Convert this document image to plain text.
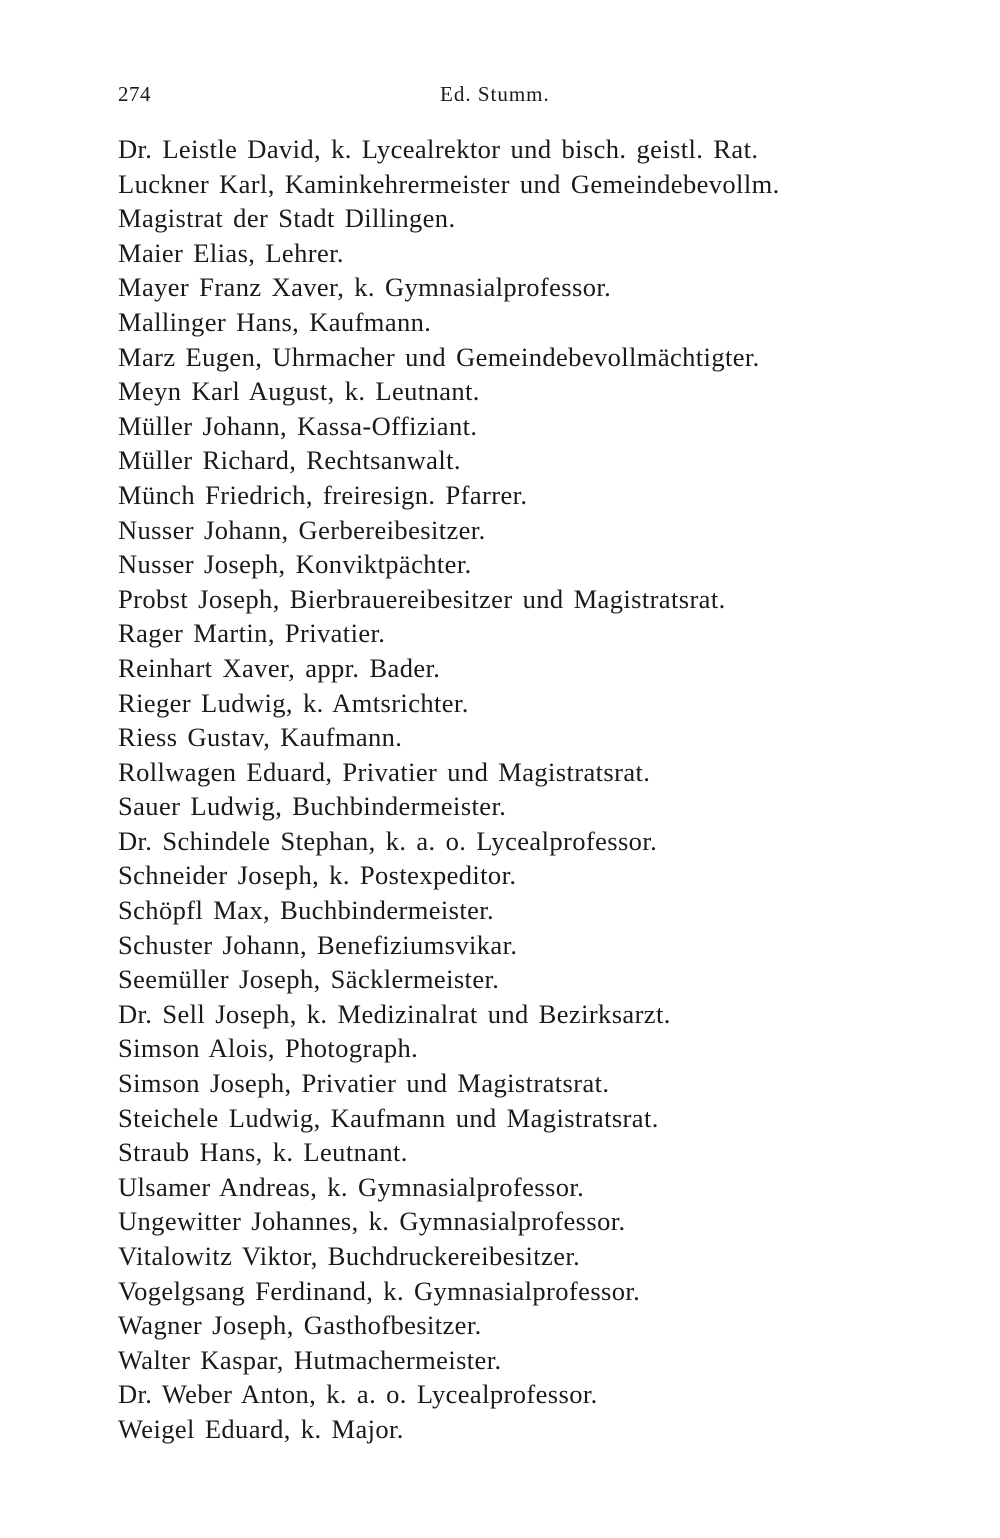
274	Ed. Stumm.
Dr. Leistle David, k. Lycealrektor und bisch. geistl. Rat.
Luckner Karl, Kaminkehrermeister und Gemeindebevollm.
Magistrat der Stadt Dillingen.
Maier Elias, Lehrer.
Mayer Franz Xaver, k. Gymnasialprofessor.
Mallinger Hans, Kaufmann.
Marz Eugen, Uhrmacher und Gemeindebevollmächtigter.
Meyn Karl August, k. Leutnant.
Müller Johann, Kassa-Offiziant.
Müller Richard, Rechtsanwalt.
Münch Friedrich, freiresign. Pfarrer.
Nusser Johann, Gerbereibesitzer.
Nusser Joseph, Konviktpächter.
Probst Joseph, Bierbrauereibesitzer und Magistratsrat.
Rager Martin, Privatier.
Reinhart Xaver, appr. Bader.
Rieger Ludwig, k. Amtsrichter.
Riess Gustav, Kaufmann.
Rollwagen Eduard, Privatier und Magistratsrat.
Sauer Ludwig, Buchbindermeister.
Dr. Schindele Stephan, k. a. o. Lycealprofessor.
Schneider Joseph, k. Postexpeditor.
Schöpfl Max, Buchbindermeister.
Schuster Johann, Benefiziumsvikar.
Seemüller Joseph, Säcklermeister.
Dr. Sell Joseph, k. Medizinalrat und Bezirksarzt.
Simson Alois, Photograph.
Simson Joseph, Privatier und Magistratsrat.
Steichele Ludwig, Kaufmann und Magistratsrat.
Straub Hans, k. Leutnant.
Ulsamer Andreas, k. Gymnasialprofessor.
Ungewitter Johannes, k. Gymnasialprofessor.
Vitalowitz Viktor, Buchdruckereibesitzer.
Vogelgsang Ferdinand, k. Gymnasialprofessor.
Wagner Joseph, Gasthofbesitzer.
Walter Kaspar, Hutmachermeister.
Dr. Weber Anton, k. a. o. Lycealprofessor.
Weigel Eduard, k. Major.
